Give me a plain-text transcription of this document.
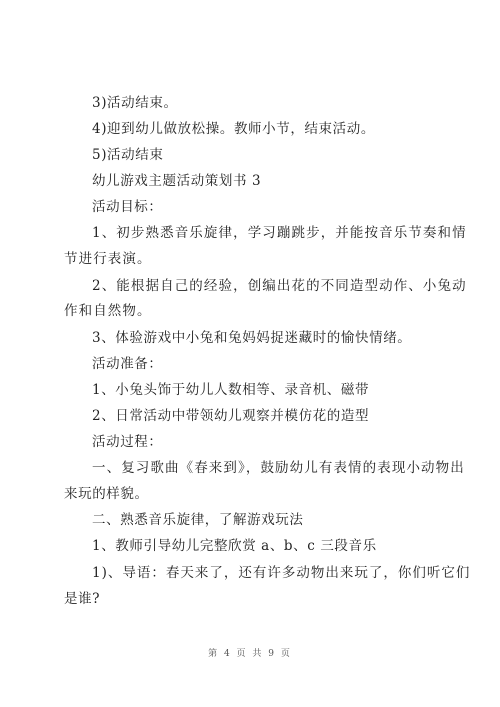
3)活动结束。
4)迎到幼儿做放松操。教师小节，结束活动。
5)活动结束
幼儿游戏主题活动策划书 3
活动目标：
1、初步熟悉音乐旋律，学习蹦跳步，并能按音乐节奏和情
节进行表演。
2、能根据自己的经验，创编出花的不同造型动作、小兔动
作和自然物。
3、体验游戏中小兔和兔妈妈捉迷藏时的愉快情绪。
活动准备：
1、小兔头饰于幼儿人数相等、录音机、磁带
2、日常活动中带领幼儿观察并模仿花的造型
活动过程：
一、复习歌曲《春来到》，鼓励幼儿有表情的表现小动物出
来玩的样貌。
二、熟悉音乐旋律，了解游戏玩法
1、教师引导幼儿完整欣赏 a、b、c 三段音乐
1)、导语：春天来了，还有许多动物出来玩了，你们听它们
是谁?
第 4 页 共 9 页
